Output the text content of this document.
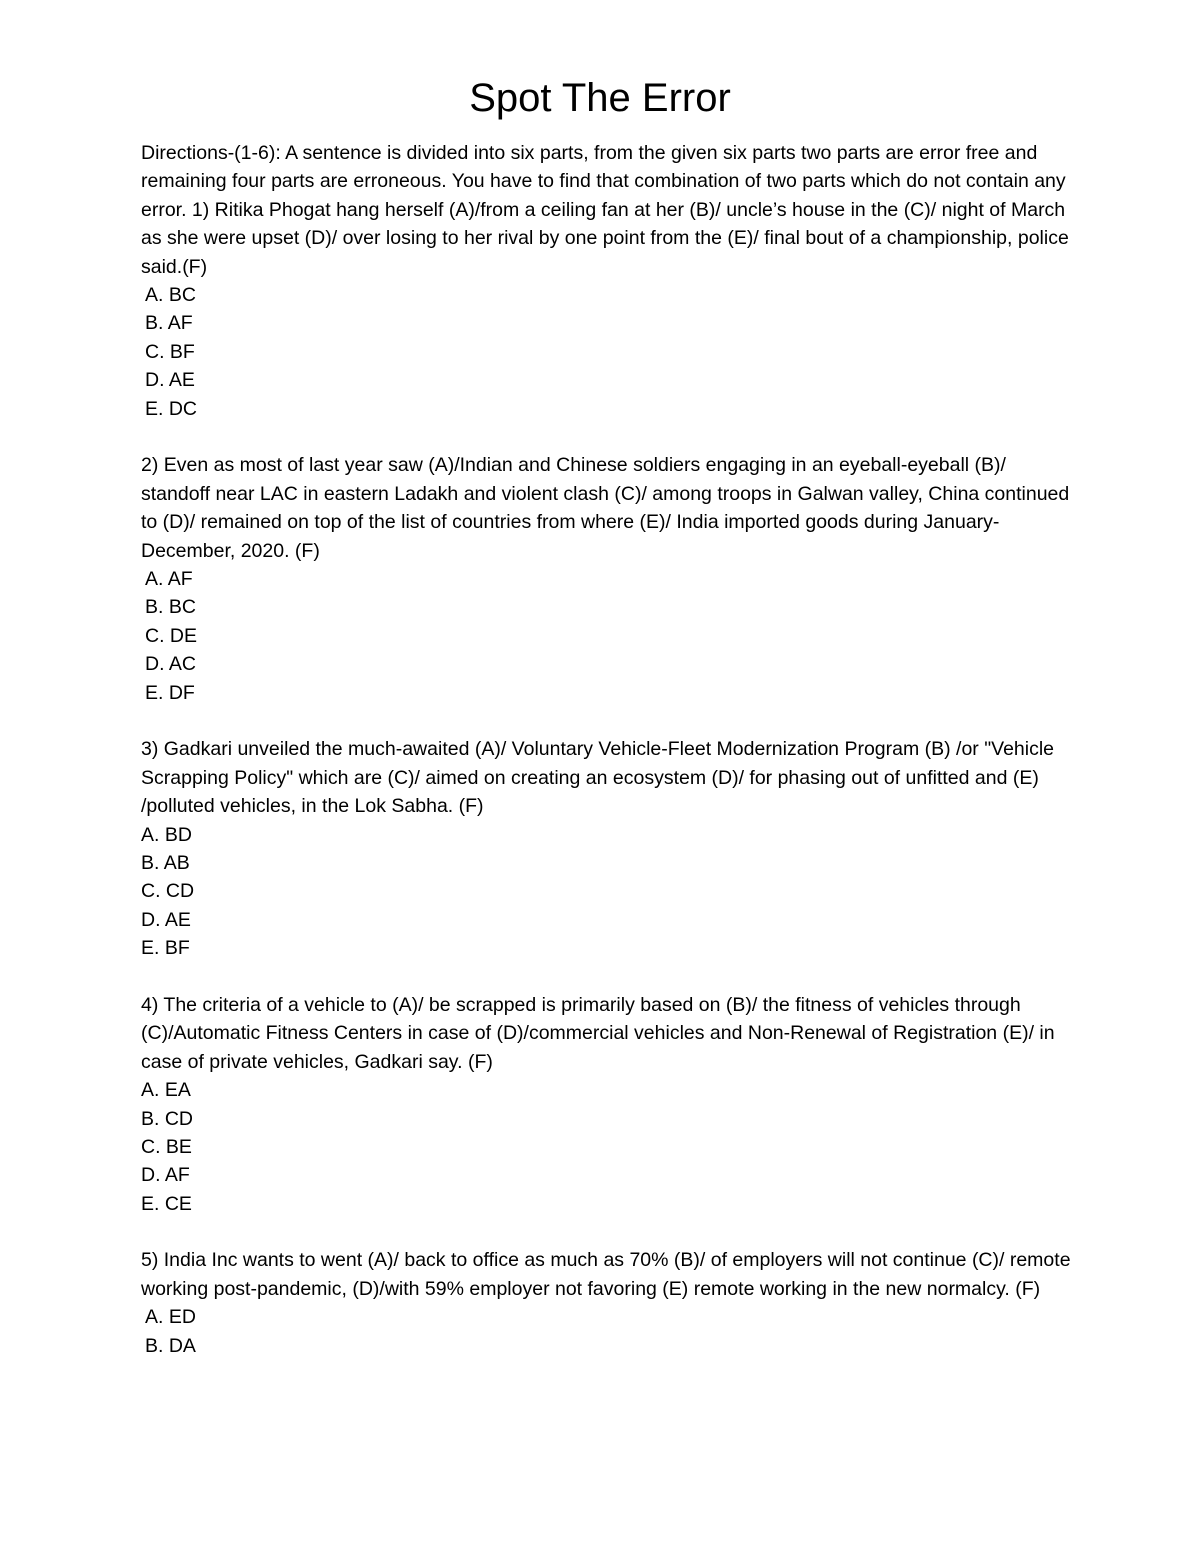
Spot The Error

Directions-(1-6): A sentence is divided into six parts, from the given six parts two parts are error free and remaining four parts are erroneous. You have to find that combination of two parts which do not contain any error. 1) Ritika Phogat hang herself (A)/from a ceiling fan at her (B)/ uncle’s house in the (C)/ night of March as she were upset (D)/ over losing to her rival by one point from the (E)/ final bout of a championship, police said.(F)

A. BC
B. AF
C. BF
D. AE
E. DC

2) Even as most of last year saw (A)/Indian and Chinese soldiers engaging in an eyeball-eyeball (B)/ standoff near LAC in eastern Ladakh and violent clash (C)/ among troops in Galwan valley, China continued to (D)/ remained on top of the list of countries from where (E)/ India imported goods during January-December, 2020. (F)

A. AF
B. BC
C. DE
D. AC
E. DF

3) Gadkari unveiled the much-awaited (A)/ Voluntary Vehicle-Fleet Modernization Program (B) /or "Vehicle Scrapping Policy" which are (C)/ aimed on creating an ecosystem (D)/ for phasing out of unfitted and (E) /polluted vehicles, in the Lok Sabha. (F)

A. BD
B. AB
C. CD
D. AE
E. BF

4) The criteria of a vehicle to (A)/ be scrapped is primarily based on (B)/ the fitness of vehicles through (C)/Automatic Fitness Centers in case of (D)/commercial vehicles and Non-Renewal of Registration (E)/ in case of private vehicles, Gadkari say. (F)

A. EA
B. CD
C. BE
D. AF
E. CE

5) India Inc wants to went (A)/ back to office as much as 70% (B)/ of employers will not continue (C)/ remote working post-pandemic, (D)/with 59% employer not favoring (E) remote working in the new normalcy. (F)

A. ED
B. DA
